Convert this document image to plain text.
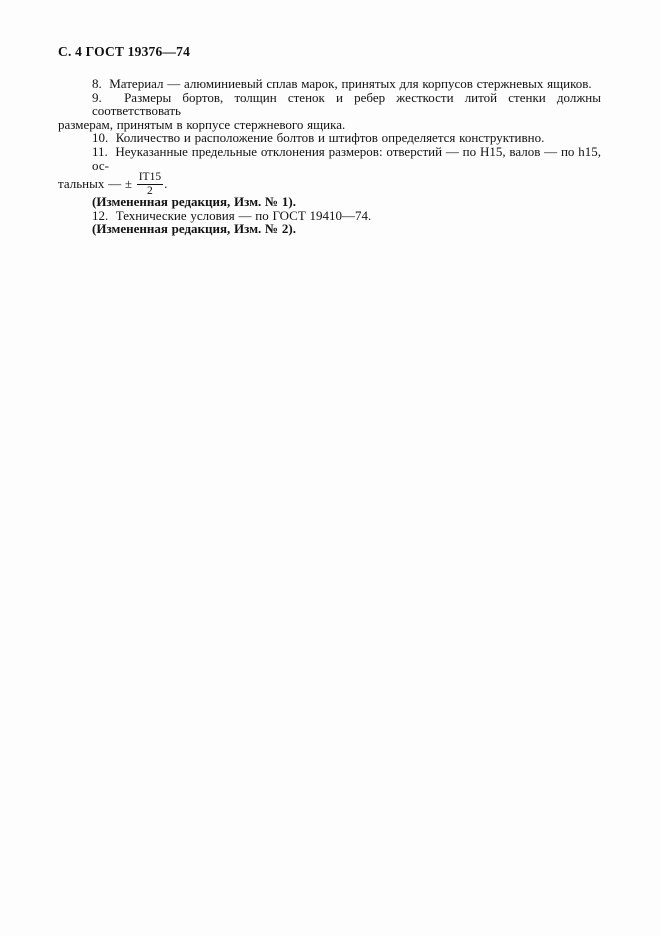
С. 4 ГОСТ 19376—74

8.  Материал — алюминиевый сплав марок, принятых для корпусов стержневых ящиков.

9.  Размеры бортов, толщин стенок и ребер жесткости литой стенки должны соответствовать

размерам, принятым в корпусе стержневого ящика.

10.  Количество и расположение болтов и штифтов определяется конструктивно.

11.  Неуказанные предельные отклонения размеров: отверстий — по Н15, валов — по h15, ос-

тальных — ± $\frac{IT15}{2}$ .

(Измененная редакция, Изм. № 1).

12.  Технические условия — по ГОСТ 19410—74.

(Измененная редакция, Изм. № 2).
